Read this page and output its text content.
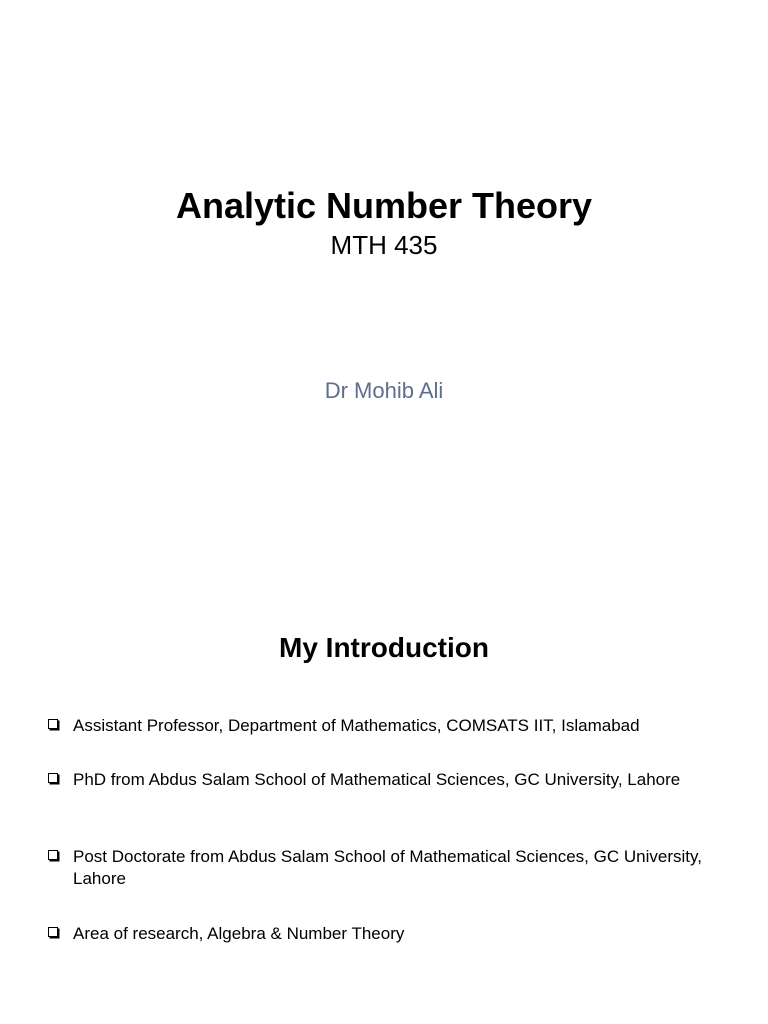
Analytic Number Theory
MTH 435
Dr Mohib Ali
My Introduction
Assistant Professor, Department of Mathematics, COMSATS IIT, Islamabad
PhD from Abdus Salam School of Mathematical Sciences, GC University, Lahore
Post Doctorate from Abdus Salam School of Mathematical Sciences, GC University, Lahore
Area of research, Algebra & Number Theory
